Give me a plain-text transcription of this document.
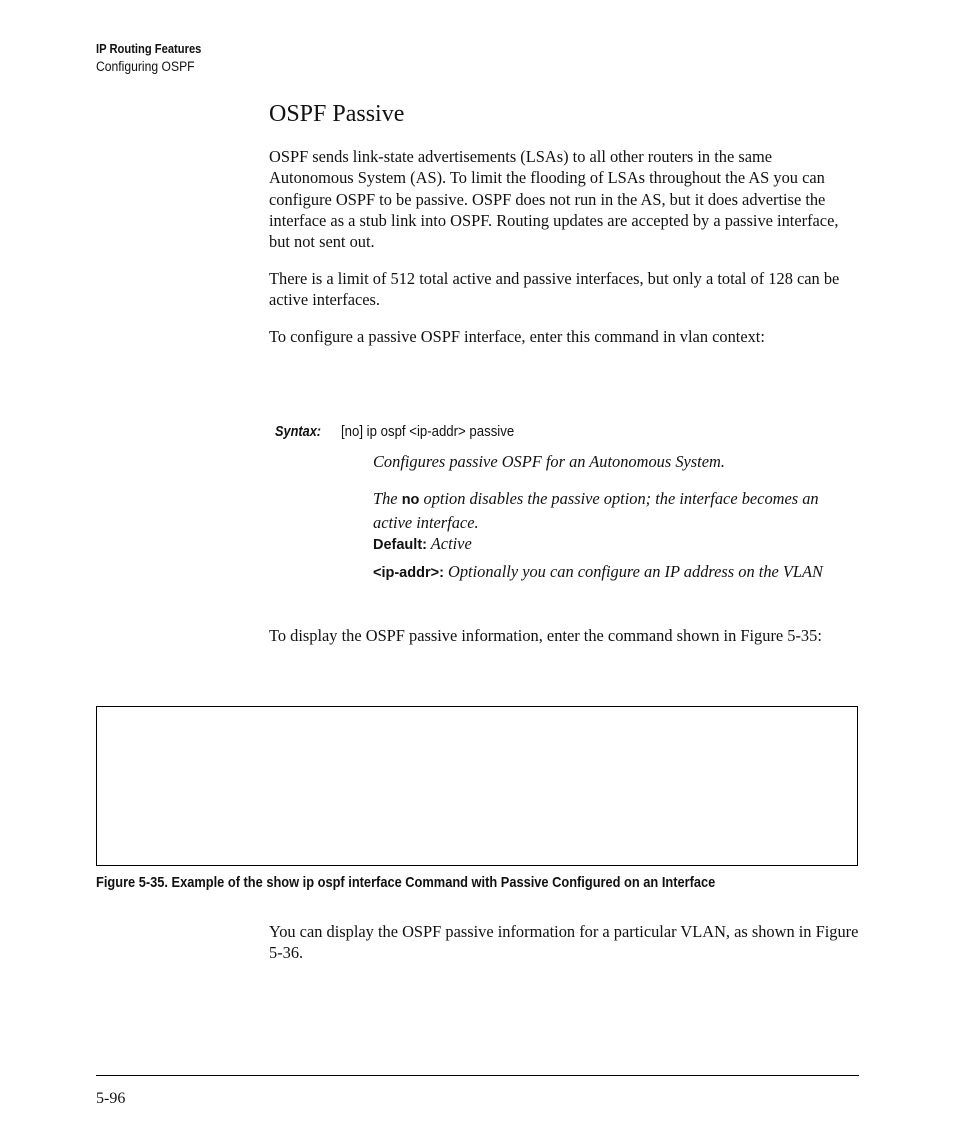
IP Routing Features
Configuring OSPF
OSPF Passive

OSPF sends link-state advertisements (LSAs) to all other routers in the same Autonomous System (AS). To limit the flooding of LSAs throughout the AS you can configure OSPF to be passive. OSPF does not run in the AS, but it does advertise the interface as a stub link into OSPF. Routing updates are accepted by a passive interface, but not sent out.

There is a limit of 512 total active and passive interfaces, but only a total of 128 can be active interfaces.

To configure a passive OSPF interface, enter this command in vlan context:

Syntax: [no] ip ospf <ip-addr> passive

Configures passive OSPF for an Autonomous System.

The no option disables the passive option; the interface becomes an active interface.

Default: Active

<ip-addr>: Optionally you can configure an IP address on the VLAN

To display the OSPF passive information, enter the command shown in Figure 5-35:

Figure 5-35. Example of the show ip ospf interface Command with Passive Configured on an Interface

You can display the OSPF passive information for a particular VLAN, as shown in Figure 5-36.

5-96
